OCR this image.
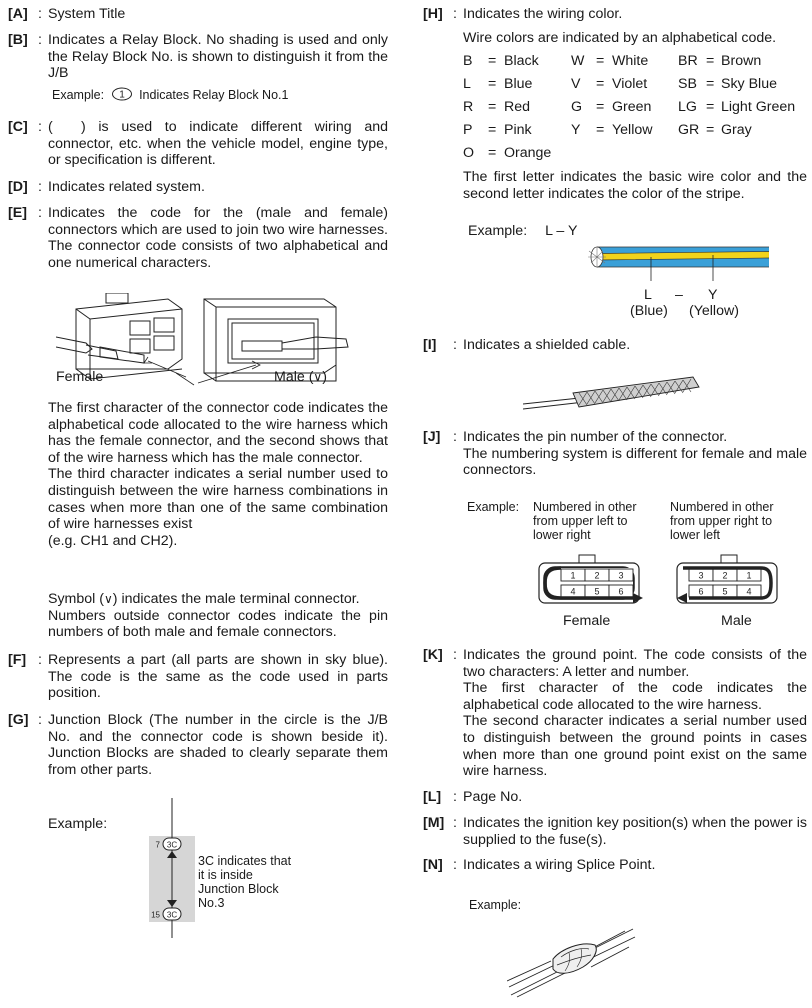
[A] : System Title
[B] : Indicates a Relay Block. No shading is used and only the Relay Block No. is shown to distinguish it from the J/B
Example: 1 Indicates Relay Block No.1
[C] : (	) is used to indicate different wiring and connector, etc. when the vehicle model, engine type, or specification is different.
[D] : Indicates related system.
[E] : Indicates the code for the (male and female) connectors which are used to join two wire harnesses. The connector code consists of two alphabetical and one numerical characters.
Female	Male (∨)

The first character of the connector code indicates the alphabetical code allocated to the wire harness which has the female connector, and the second shows that of the wire harness which has the male connector.

The third character indicates a serial number used to distinguish between the wire harness combinations in cases when more than one of the same combination of wire harnesses exist

(e.g. CH1 and CH2).

Symbol (∨) indicates the male terminal connector.

Numbers outside connector codes indicate the pin numbers of both male and female connectors.

[F] : Represents a part (all parts are shown in sky blue). The code is the same as the code used in parts position.
[G] : Junction Block (The number in the circle is the J/B No. and the connector code is shown beside it). Junction Blocks are shaded to clearly separate them from other parts.
Example:
3C
7
3C
15
3C indicates that
it is inside
Junction Block
No.3
[H] : Indicates the wiring color.
Wire colors are indicated by an alphabetical code.
B	=	Black	W	=	White	BR	=	Brown
L	=	Blue	V	=	Violet	SB	=	Sky Blue
R	=	Red	G	=	Green	LG	=	Light Green
P	=	Pink	Y	=	Yellow	GR	=	Gray
O	=	Orange						
The first letter indicates the basic wire color and the second letter indicates the color of the stripe.
Example: L – Y
L – Y
(Blue) (Yellow)
[I] : Indicates a shielded cable.
[J] : Indicates the pin number of the connector.

The numbering system is different for female and male connectors.

Example: Numbered in other
from upper left to
lower right
Numbered in other
from upper right to
lower left
1 2 3
4 5 6
Female
3 2 1
6 5 4
Male
[K] : Indicates the ground point. The code consists of the two characters: A letter and number.

The first character of the code indicates the alphabetical code allocated to the wire harness.

The second character indicates a serial number used to distinguish between the ground points in cases when more than one ground point exist on the same wire harness.

[L] : Page No.
[M] : Indicates the ignition key position(s) when the power is supplied to the fuse(s).
[N] : Indicates a wiring Splice Point.
Example:
